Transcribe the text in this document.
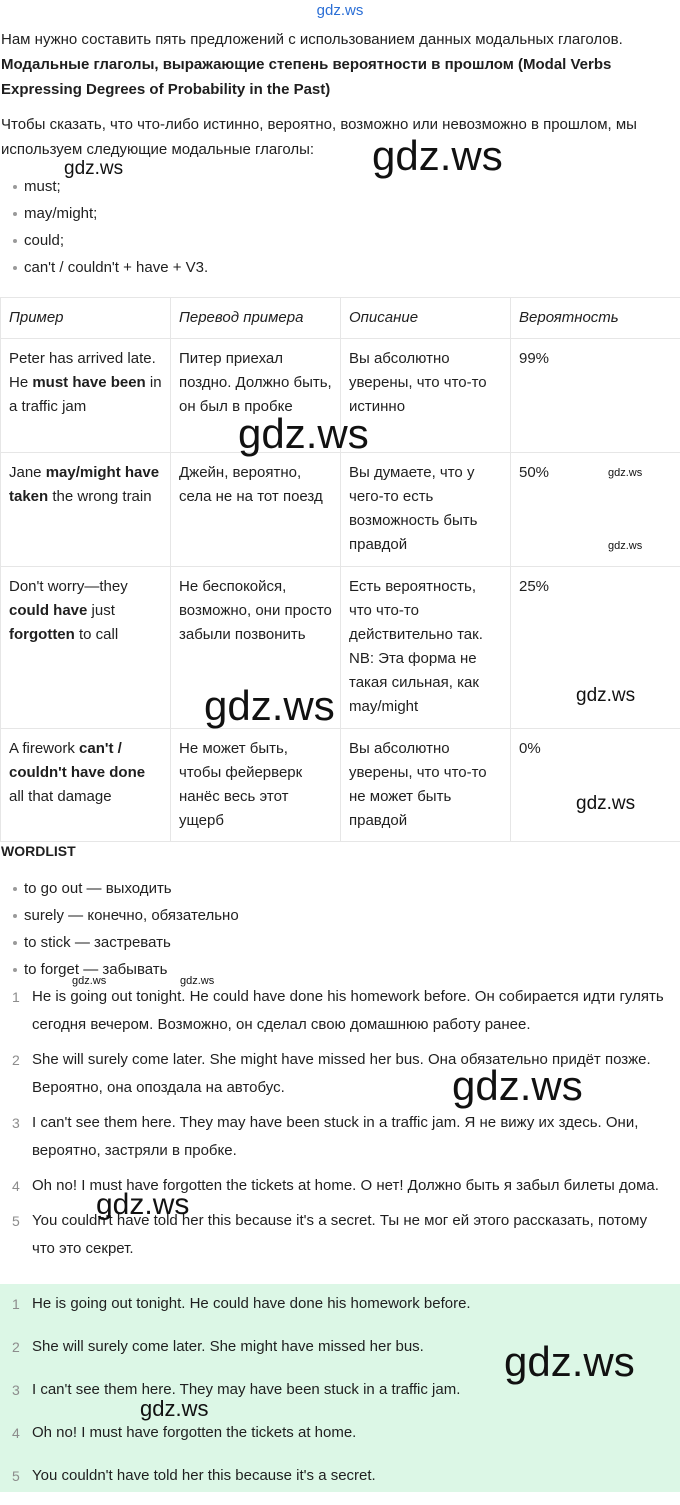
gdz.ws

Нам нужно составить пять предложений с использованием данных модальных глаголов.

Модальные глаголы, выражающие степень вероятности в прошлом (Modal Verbs Expressing Degrees of Probability in the Past)

Чтобы сказать, что что-либо истинно, вероятно, возможно или невозможно в прошлом, мы используем следующие модальные глаголы:

must;
may/might;
could;
can't / couldn't + have + V3.
Пример	Перевод примера	Описание	Вероятность
Peter has arrived late. He must have been in a traffic jam	Питер приехал поздно. Должно быть, он был в пробке	Вы абсолютно уверены, что что-то истинно	99%
Jane may/might have taken the wrong train	Джейн, вероятно, села не на тот поезд	Вы думаете, что у чего-то есть возможность быть правдой	50%
Don't worry—they could have just forgotten to call	Не беспокойся, возможно, они просто забыли позвонить	Есть вероятность, что что-то действительно так. NB: Эта форма не такая сильная, как may/might	25%
A firework can't / couldn't have done all that damage	Не может быть, чтобы фейерверк нанёс весь этот ущерб	Вы абсолютно уверены, что что-то не может быть правдой	0%
WORDLIST
to go out — выходить
surely — конечно, обязательно
to stick — застревать
to forget — забывать
1 He is going out tonight. He could have done his homework before. Он собирается идти гулять сегодня вечером. Возможно, он сделал свою домашнюю работу ранее.
2 She will surely come later. She might have missed her bus. Она обязательно придёт позже. Вероятно, она опоздала на автобус.
3 I can't see them here. They may have been stuck in a traffic jam. Я не вижу их здесь. Они, вероятно, застряли в пробке.
4 Oh no! I must have forgotten the tickets at home. О нет! Должно быть я забыл билеты дома.
5 You couldn't have told her this because it's a secret. Ты не мог ей этого рассказать, потому что это секрет.
1 He is going out tonight. He could have done his homework before.
2 She will surely come later. She might have missed her bus.
3 I can't see them here. They may have been stuck in a traffic jam.
4 Oh no! I must have forgotten the tickets at home.
5 You couldn't have told her this because it's a secret.
gdz.ws
gdz.ws
gdz.ws
gdz.ws
gdz.ws
gdz.ws	gdz.ws
gdz.ws
gdz.ws	gdz.ws
gdz.ws
gdz.ws
gdz.ws
gdz.ws
